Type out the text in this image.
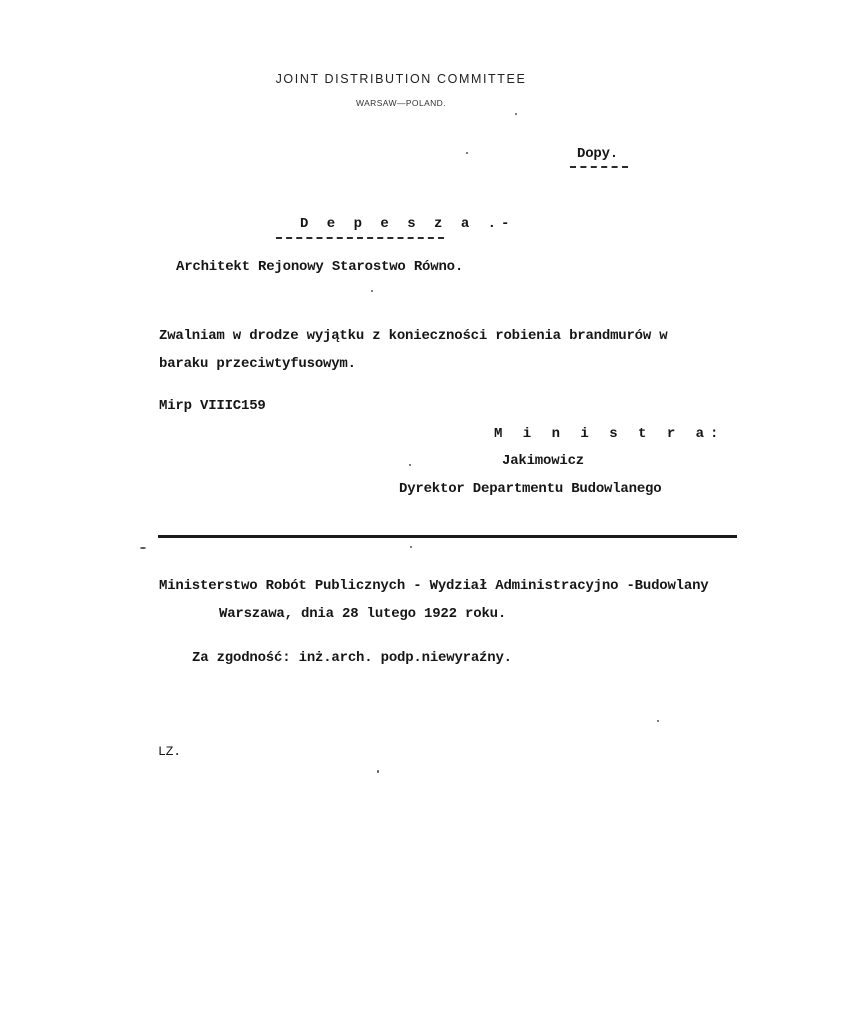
JOINT DISTRIBUTION COMMITTEE
WARSAW—POLAND.
Dopy.
D e p e s z a .-
Architekt Rejonowy Starostwo Równo.
Zwalniam w drodze wyjątku z konieczności robienia brandmurów w
baraku przeciwtyfusowym.
Mirp VIIIC159
M i n i s t r a:
Jakimowicz
Dyrektor Departmentu Budowlanego
Ministerstwo Robót Publicznych - Wydział Administracyjno -Budowlany
Warszawa, dnia 28 lutego 1922 roku.
Za zgodność: inż.arch. podp.niewyraźny.
LZ.
